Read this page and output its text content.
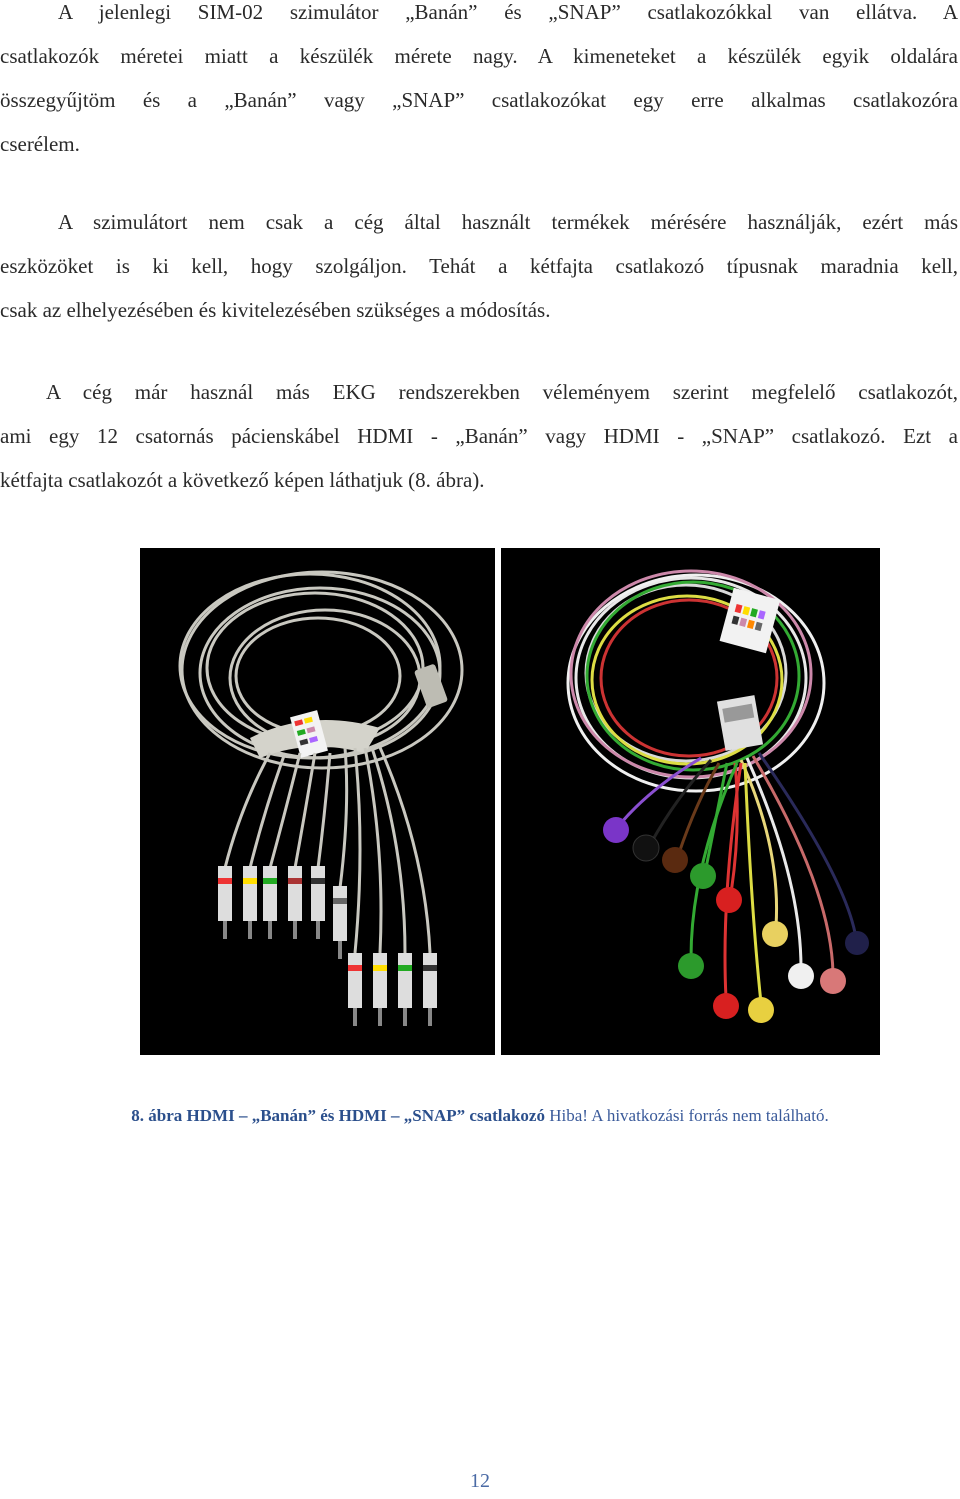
A jelenlegi SIM-02 szimulátor „Banán” és „SNAP” csatlakozókkal van ellátva. A
csatlakozók méretei miatt a készülék mérete nagy. A kimeneteket a készülék egyik oldalára
összegyűjtöm és a „Banán” vagy „SNAP” csatlakozókat egy erre alkalmas csatlakozóra
cserélem.
A szimulátort nem csak a cég által használt termékek mérésére használják, ezért más
eszközöket is ki kell, hogy szolgáljon. Tehát a kétfajta csatlakozó típusnak maradnia kell,
csak az elhelyezésében és kivitelezésében szükséges a módosítás.
A cég már használ más EKG rendszerekben véleményem szerint megfelelő csatlakozót,
ami egy 12 csatornás pácienskábel HDMI - „Banán” vagy HDMI - „SNAP” csatlakozó. Ezt a
kétfajta csatlakozót a következő képen láthatjuk (8. ábra).
8. ábra HDMI – „Banán” és HDMI – „SNAP” csatlakozó Hiba! A hivatkozási forrás nem található.
12
